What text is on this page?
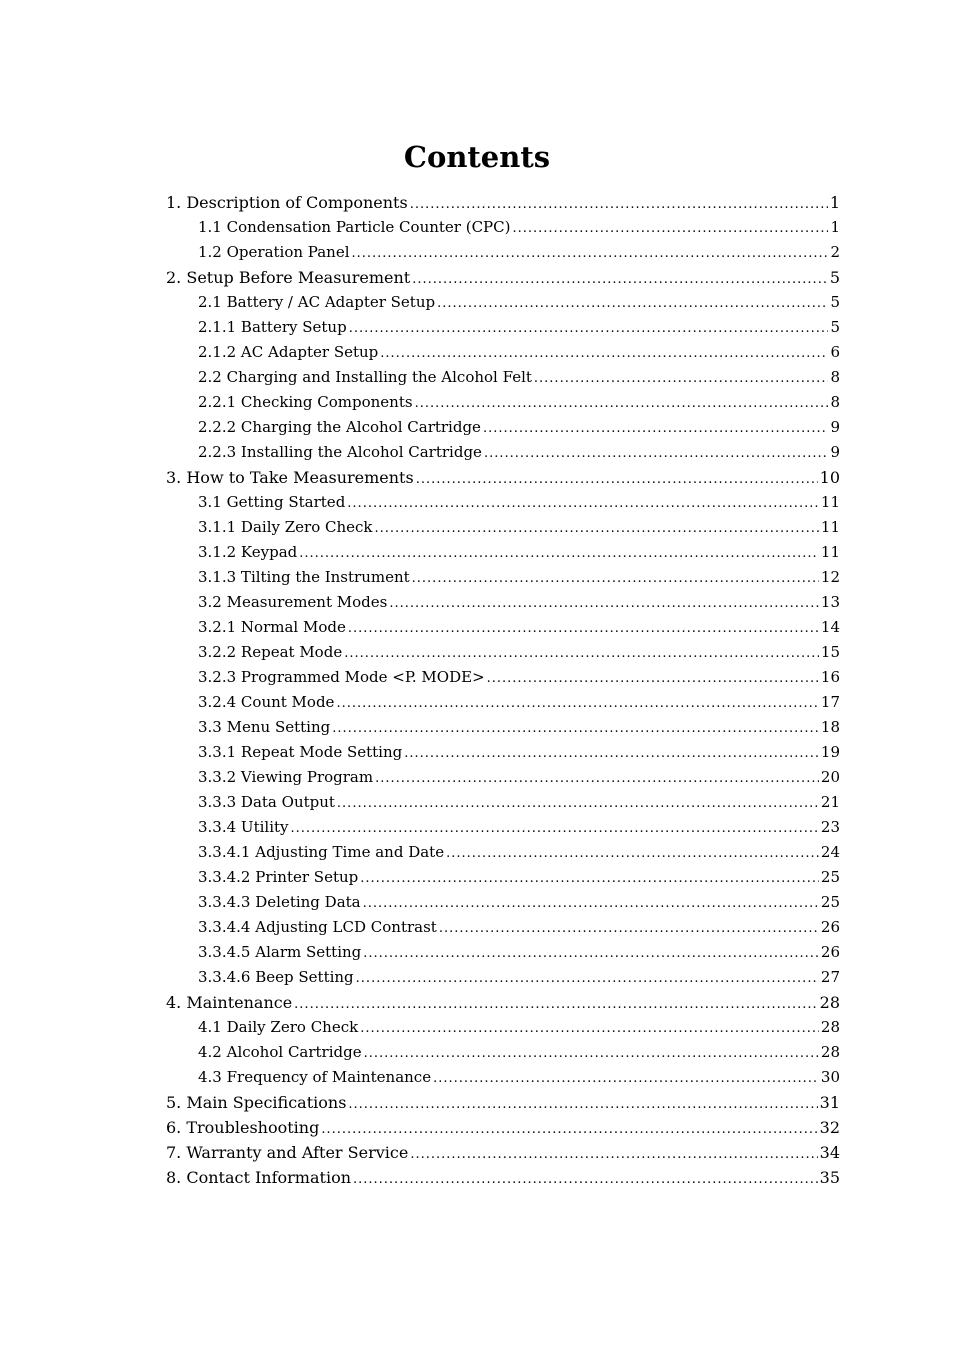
Contents
1. Description of Components .....	1
1.1 Condensation Particle Counter (CPC) .....	1
1.2 Operation Panel .....	2
2. Setup Before Measurement .....	5
2.1 Battery / AC Adapter Setup .....	5
2.1.1 Battery Setup .....	5
2.1.2 AC Adapter Setup .....	6
2.2 Charging and Installing the Alcohol Felt .....	8
2.2.1 Checking Components .....	8
2.2.2 Charging the Alcohol Cartridge .....	9
2.2.3 Installing the Alcohol Cartridge .....	9
3. How to Take Measurements .....	10
3.1 Getting Started .....	11
3.1.1 Daily Zero Check .....	11
3.1.2 Keypad .....	11
3.1.3 Tilting the Instrument .....	12
3.2 Measurement Modes .....	13
3.2.1 Normal Mode .....	14
3.2.2 Repeat Mode .....	15
3.2.3 Programmed Mode <P. MODE> .....	16
3.2.4 Count Mode .....	17
3.3 Menu Setting .....	18
3.3.1 Repeat Mode Setting .....	19
3.3.2 Viewing Program .....	20
3.3.3 Data Output .....	21
3.3.4 Utility .....	23
3.3.4.1 Adjusting Time and Date .....	24
3.3.4.2 Printer Setup .....	25
3.3.4.3 Deleting Data .....	25
3.3.4.4 Adjusting LCD Contrast .....	26
3.3.4.5 Alarm Setting .....	26
3.3.4.6 Beep Setting .....	27
4. Maintenance .....	28
4.1 Daily Zero Check .....	28
4.2 Alcohol Cartridge .....	28
4.3 Frequency of Maintenance .....	30
5. Main Specifications .....	31
6. Troubleshooting .....	32
7. Warranty and After Service .....	34
8. Contact Information .....	35
